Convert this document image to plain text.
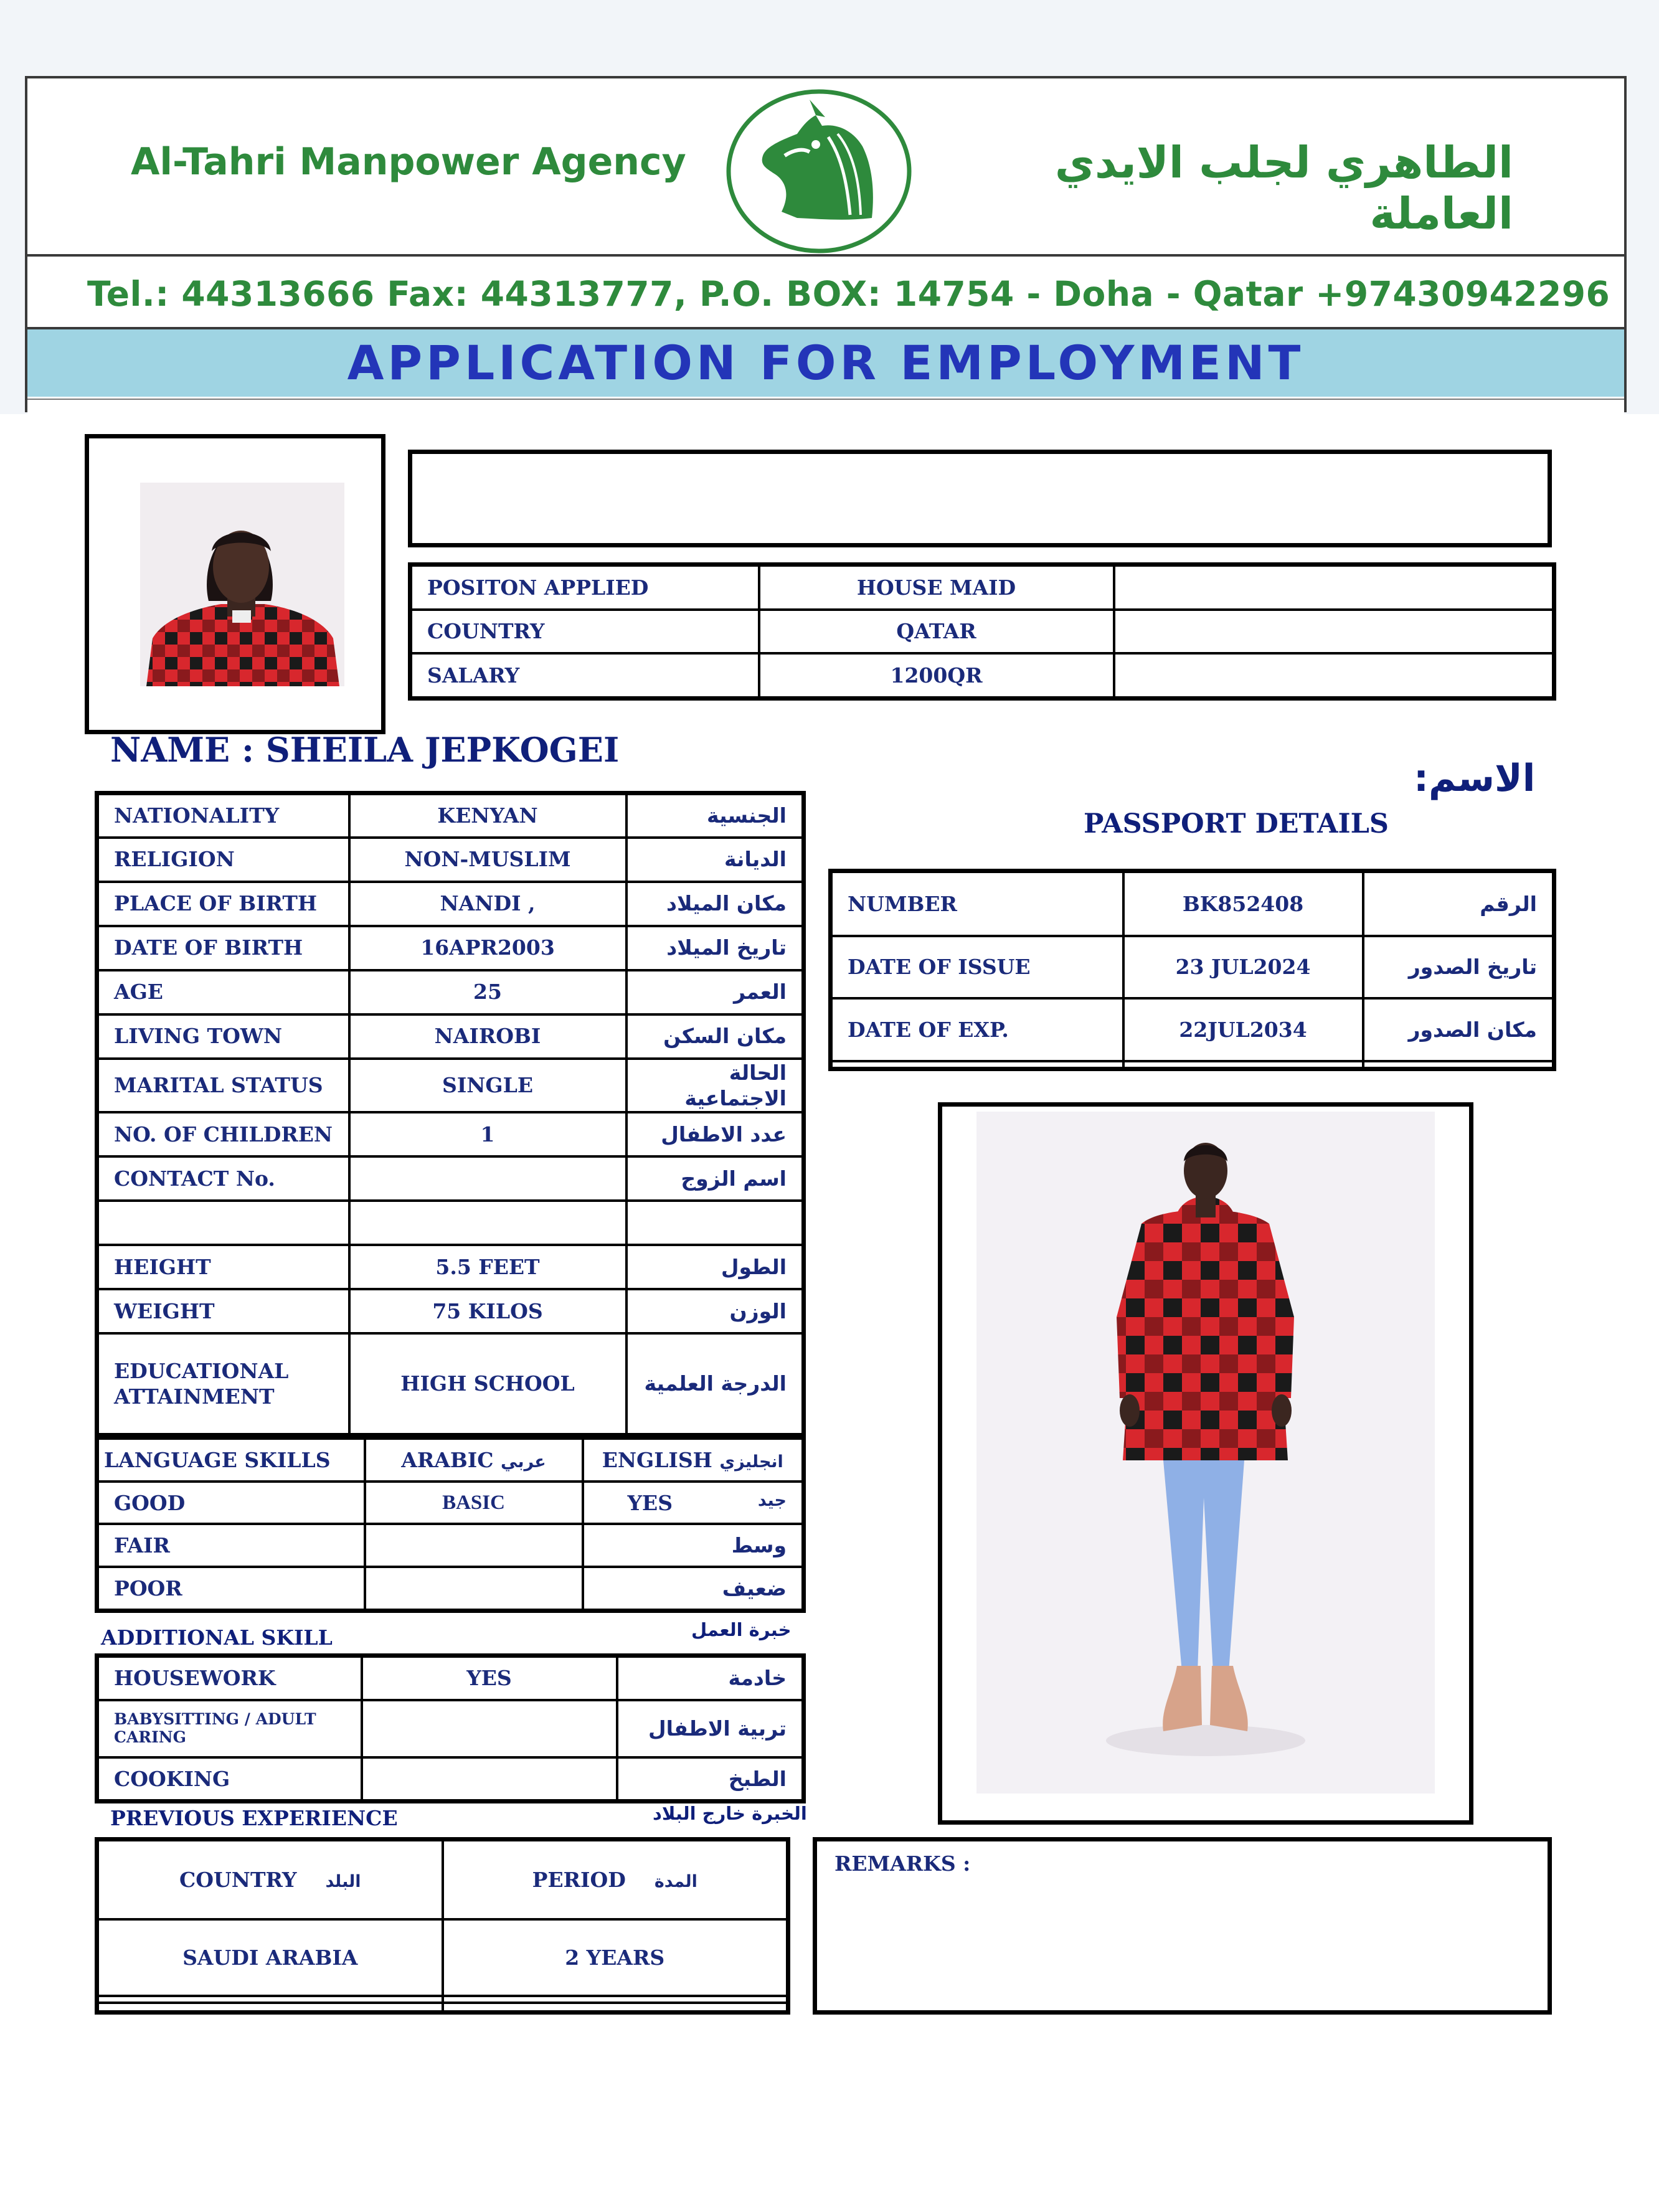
Al-Tahri Manpower Agency	الطاهري لجلب الايدي العاملة
Tel.: 44313666 Fax: 44313777, P.O. BOX: 14754 - Doha - Qatar +97430942296
APPLICATION FOR EMPLOYMENT
POSITON APPLIED	HOUSE MAID	
COUNTRY	QATAR	
SALARY	1200QR	
NAME : SHEILA JEPKOGEI
الاسم:
PASSPORT DETAILS
NATIONALITY	KENYAN	الجنسية
RELIGION	NON-MUSLIM	الديانة
PLACE OF BIRTH	NANDI ,	مكان الميلاد
DATE OF BIRTH	16APR2003	تاريخ الميلاد
AGE	25	العمر
LIVING TOWN	NAIROBI	مكان السكن
MARITAL STATUS	SINGLE	الحالة الاجتماعية
NO. OF CHILDREN	1	عدد الاطفال
CONTACT No.		اسم الزوج

HEIGHT	5.5 FEET	الطول
WEIGHT	75 KILOS	الوزن
EDUCATIONAL ATTAINMENT	HIGH SCHOOL	الدرجة العلمية
NUMBER	BK852408	الرقم
DATE OF ISSUE	23 JUL2024	تاريخ الصدور
DATE OF EXP.	22JUL2034	مكان الصدور

LANGUAGE SKILLS	ARABIC عربي	ENGLISH انجليزي
GOOD	BASIC	YES جيد

FAIR		وسط
POOR		ضعيف
ADDITIONAL SKILL	خبرة العمل
HOUSEWORK	YES	خادمة
BABYSITTING / ADULT CARING		تربية الاطفال
COOKING		الطبخ
PREVIOUS EXPERIENCE	الخبرة خارج البلاد
COUNTRY البلد	PERIOD المدة
SAUDI ARABIA	2 YEARS

REMARKS :
